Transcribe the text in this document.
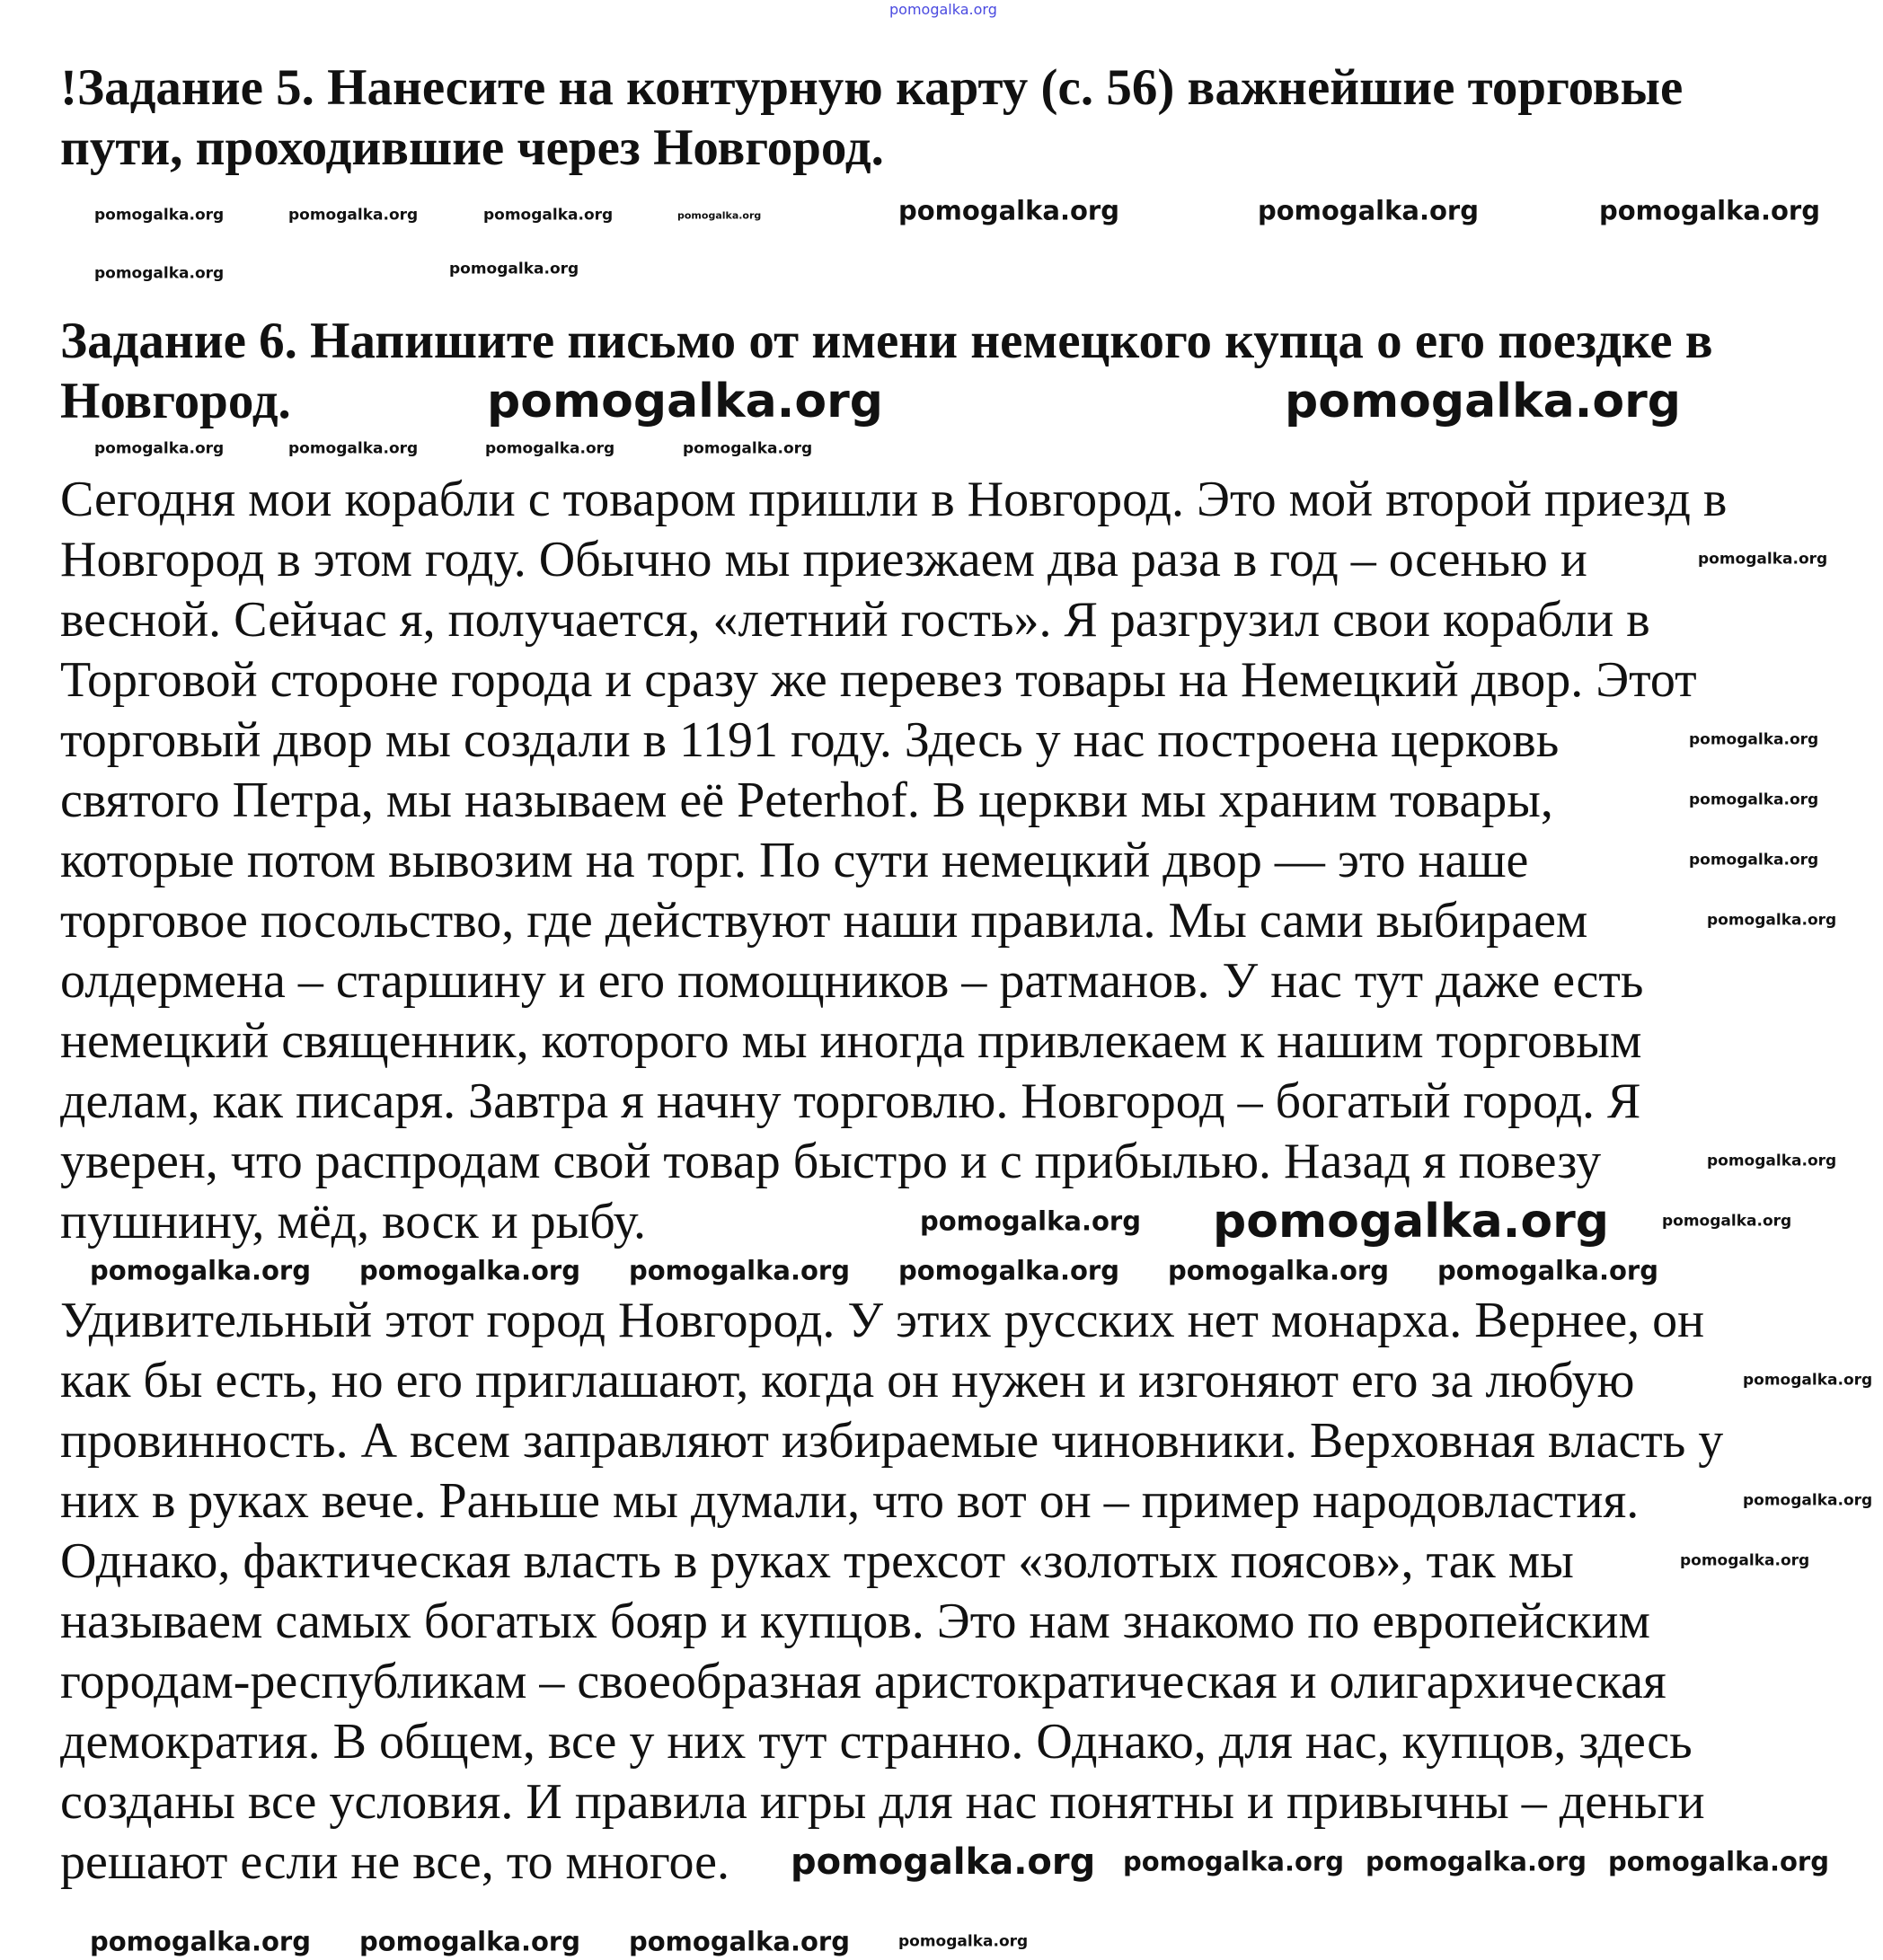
!Задание 5. Нанесите на контурную карту (с. 56) важнейшие торговые
пути, проходившие через Новгород.
Задание 6. Напишите письмо от имени немецкого купца о его поездке в
Новгород.
Сегодня мои корабли с товаром пришли в Новгород. Это мой второй приезд в
Новгород в этом году. Обычно мы приезжаем два раза в год – осенью и
весной. Сейчас я, получается, «летний гость». Я разгрузил свои корабли в
Торговой стороне города и сразу же перевез товары на Немецкий двор. Этот
торговый двор мы создали в 1191 году. Здесь у нас построена церковь
святого Петра, мы называем её Peterhof. В церкви мы храним товары,
которые потом вывозим на торг. По сути немецкий двор — это наше
торговое посольство, где действуют наши правила. Мы сами выбираем
олдермена – старшину и его помощников – ратманов. У нас тут даже есть
немецкий священник, которого мы иногда привлекаем к нашим торговым
делам, как писаря. Завтра я начну торговлю. Новгород – богатый город. Я
уверен, что распродам свой товар быстро и с прибылью. Назад я повезу
пушнину, мёд, воск и рыбу.
Удивительный этот город Новгород. У этих русских нет монарха. Вернее, он
как бы есть, но его приглашают, когда он нужен и изгоняют его за любую
провинность. А всем заправляют избираемые чиновники. Верховная власть у
них в руках вече. Раньше мы думали, что вот он – пример народовластия.
Однако, фактическая власть в руках трехсот «золотых поясов», так мы
называем самых богатых бояр и купцов. Это нам знакомо по европейским
городам-республикам – своеобразная аристократическая и олигархическая
демократия. В общем, все у них тут странно. Однако, для нас, купцов, здесь
созданы все условия. И правила игры для нас понятны и привычны – деньги
решают если не все, то многое.
pomogalka.org
pomogalka.org	pomogalka.org	pomogalka.org	pomogalka.org	pomogalka.org	pomogalka.org	pomogalka.org
pomogalka.org	pomogalka.org
pomogalka.org	pomogalka.org
pomogalka.org	pomogalka.org	pomogalka.org	pomogalka.org
pomogalka.org
pomogalka.org
pomogalka.org
pomogalka.org
pomogalka.org
pomogalka.org
pomogalka.org pomogalka.org	pomogalka.org
pomogalka.org pomogalka.org pomogalka.org pomogalka.org pomogalka.org pomogalka.org
pomogalka.org
pomogalka.org
pomogalka.org
pomogalka.org pomogalka.org pomogalka.org pomogalka.org
pomogalka.org pomogalka.org pomogalka.org	pomogalka.org
